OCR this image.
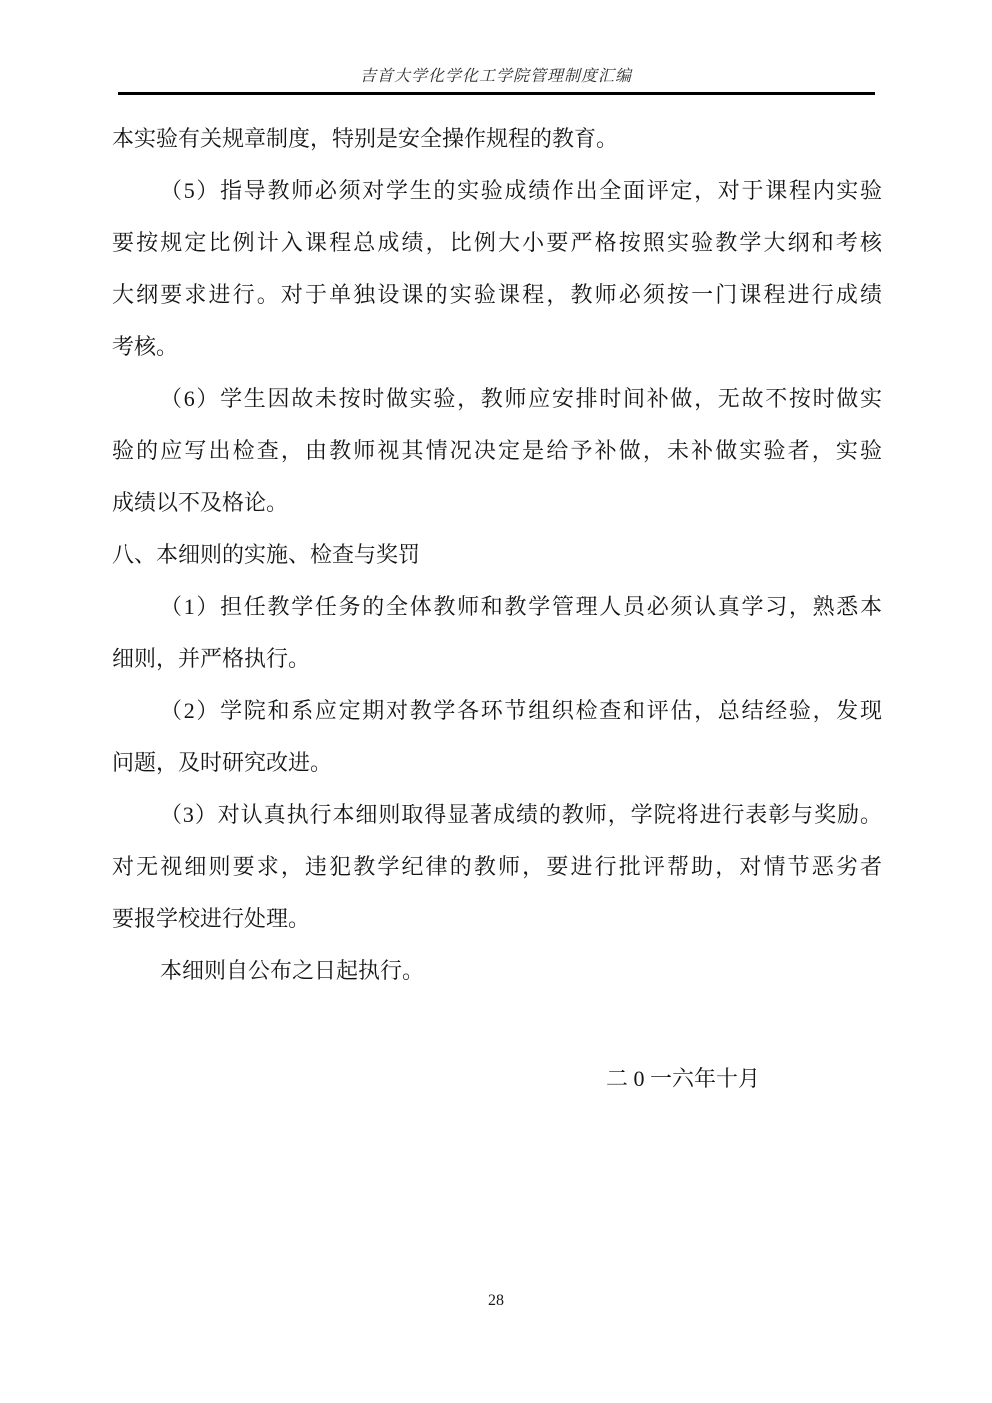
吉首大学化学化工学院管理制度汇编
本实验有关规章制度，特别是安全操作规程的教育。
（5）指导教师必须对学生的实验成绩作出全面评定，对于课程内实验
要按规定比例计入课程总成绩，比例大小要严格按照实验教学大纲和考核
大纲要求进行。对于单独设课的实验课程，教师必须按一门课程进行成绩
考核。
（6）学生因故未按时做实验，教师应安排时间补做，无故不按时做实
验的应写出检查，由教师视其情况决定是给予补做，未补做实验者，实验
成绩以不及格论。
八、本细则的实施、检查与奖罚
（1）担任教学任务的全体教师和教学管理人员必须认真学习，熟悉本
细则，并严格执行。
（2）学院和系应定期对教学各环节组织检查和评估，总结经验，发现
问题，及时研究改进。
（3）对认真执行本细则取得显著成绩的教师，学院将进行表彰与奖励。
对无视细则要求，违犯教学纪律的教师，要进行批评帮助，对情节恶劣者
要报学校进行处理。
本细则自公布之日起执行。
二 0 一六年十月
28
